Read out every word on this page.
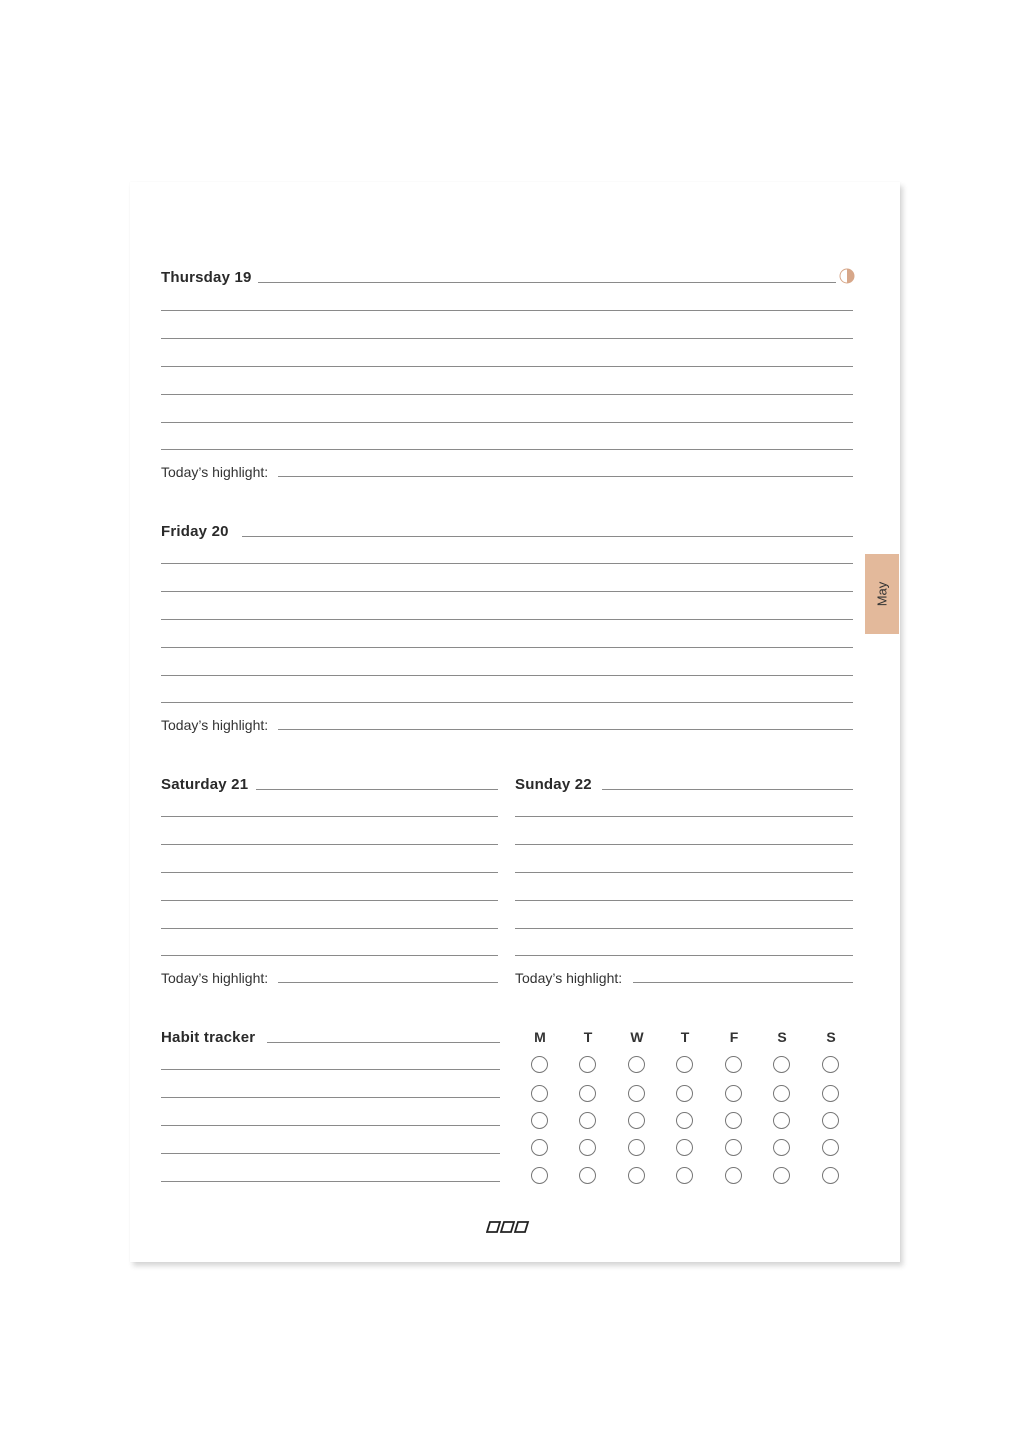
May
Thursday 19
Today’s highlight:
Friday 20
Today’s highlight:
Saturday 21
Today’s highlight:
Sunday 22
Today’s highlight:
Habit tracker	M	T	W	T	F	S	S
